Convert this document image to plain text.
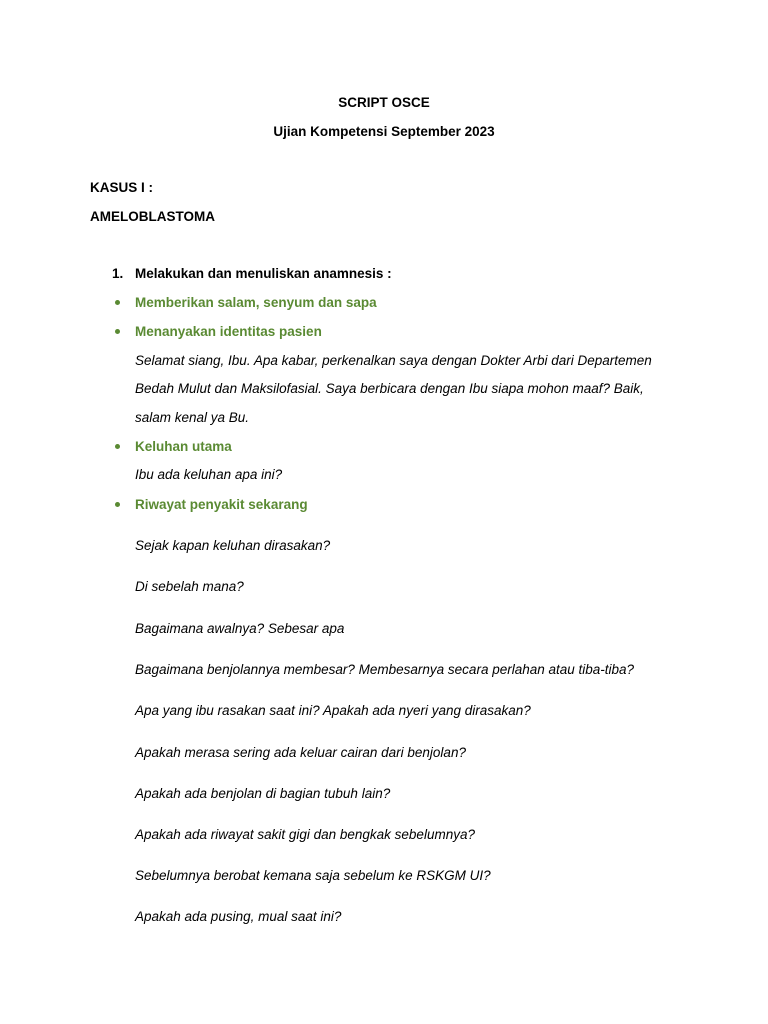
SCRIPT OSCE
Ujian Kompetensi September 2023
KASUS I :
AMELOBLASTOMA
1. Melakukan dan menuliskan anamnesis :
Memberikan salam, senyum dan sapa
Menanyakan identitas pasien
Selamat siang, Ibu. Apa kabar, perkenalkan saya dengan Dokter Arbi dari Departemen
Bedah Mulut dan Maksilofasial. Saya berbicara dengan Ibu siapa mohon maaf? Baik,
salam kenal ya Bu.
Keluhan utama
Ibu ada keluhan apa ini?
Riwayat penyakit sekarang
Sejak kapan keluhan dirasakan?
Di sebelah mana?
Bagaimana awalnya? Sebesar apa
Bagaimana benjolannya membesar? Membesarnya secara perlahan atau tiba-tiba?
Apa yang ibu rasakan saat ini? Apakah ada nyeri yang dirasakan?
Apakah merasa sering ada keluar cairan dari benjolan?
Apakah ada benjolan di bagian tubuh lain?
Apakah ada riwayat sakit gigi dan bengkak sebelumnya?
Sebelumnya berobat kemana saja sebelum ke RSKGM UI?
Apakah ada pusing, mual saat ini?
